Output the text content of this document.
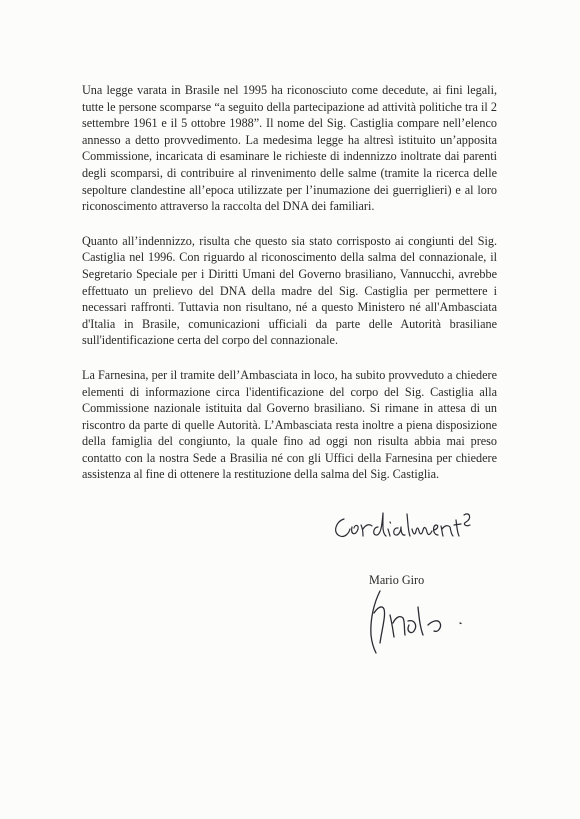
Una legge varata in Brasile nel 1995 ha riconosciuto come decedute, ai fini legali, tutte le persone scomparse “a seguito della partecipazione ad attività politiche tra il 2 settembre 1961 e il 5 ottobre 1988”. Il nome del Sig. Castiglia compare nell’elenco annesso a detto provvedimento. La medesima legge ha altresì istituito un’apposita Commissione, incaricata di esaminare le richieste di indennizzo inoltrate dai parenti degli scomparsi, di contribuire al rinvenimento delle salme (tramite la ricerca delle sepolture clandestine all’epoca utilizzate per l’inumazione dei guerriglieri) e al loro riconoscimento attraverso la raccolta del DNA dei familiari.

Quanto all’indennizzo, risulta che questo sia stato corrisposto ai congiunti del Sig. Castiglia nel 1996. Con riguardo al riconoscimento della salma del connazionale, il Segretario Speciale per i Diritti Umani del Governo brasiliano, Vannucchi, avrebbe effettuato un prelievo del DNA della madre del Sig. Castiglia per permettere i necessari raffronti. Tuttavia non risultano, né a questo Ministero né all'Ambasciata d'Italia in Brasile, comunicazioni ufficiali da parte delle Autorità brasiliane sull'identificazione certa del corpo del connazionale.

La Farnesina, per il tramite dell’Ambasciata in loco, ha subito provveduto a chiedere elementi di informazione circa l'identificazione del corpo del Sig. Castiglia alla Commissione nazionale istituita dal Governo brasiliano. Si rimane in attesa di un riscontro da parte di quelle Autorità. L’Ambasciata resta inoltre a piena disposizione della famiglia del congiunto, la quale fino ad oggi non risulta abbia mai preso contatto con la nostra Sede a Brasilia né con gli Uffici della Farnesina per chiedere assistenza al fine di ottenere la restituzione della salma del Sig. Castiglia.

Mario Giro
